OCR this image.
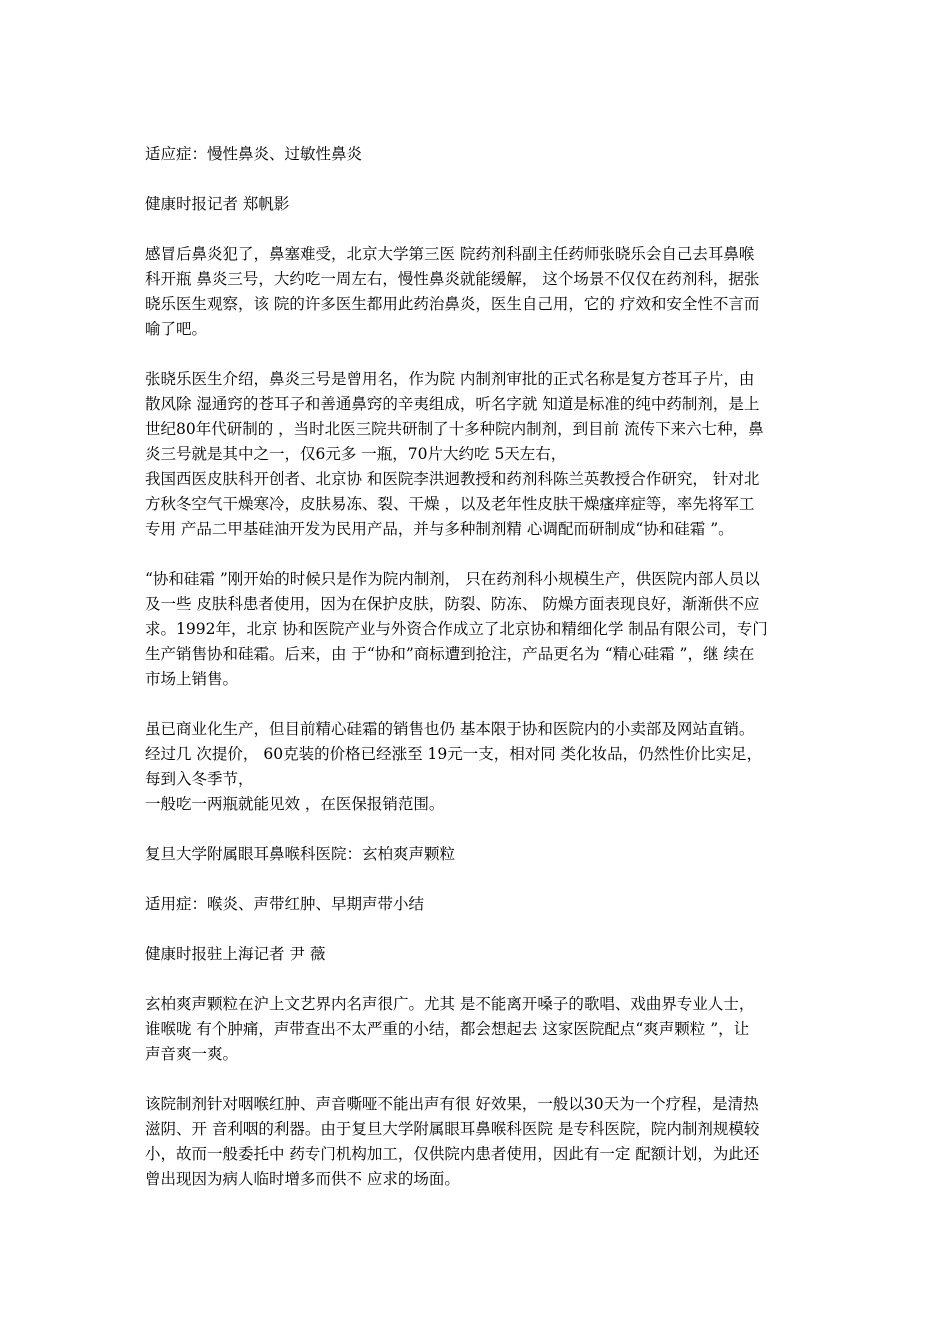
适应症：慢性鼻炎、过敏性鼻炎

健康时报记者 郑帆影

感冒后鼻炎犯了，鼻塞难受，北京大学第三医 院药剂科副主任药师张晓乐会自己去耳鼻喉
科开瓶 鼻炎三号，大约吃一周左右，慢性鼻炎就能缓解， 这个场景不仅仅在药剂科，据张
晓乐医生观察，该 院的许多医生都用此药治鼻炎，医生自己用，它的 疗效和安全性不言而
喻了吧。

张晓乐医生介绍，鼻炎三号是曾用名，作为院 内制剂审批的正式名称是复方苍耳子片，由
散风除 湿通窍的苍耳子和善通鼻窍的辛夷组成，听名字就 知道是标准的纯中药制剂，是上
世纪80年代研制的 ，当时北医三院共研制了十多种院内制剂，到目前 流传下来六七种，鼻
炎三号就是其中之一，仅6元多 一瓶，70片大约吃 5天左右，
我国西医皮肤科开创者、北京协 和医院李洪迥教授和药剂科陈兰英教授合作研究， 针对北
方秋冬空气干燥寒冷，皮肤易冻、裂、干燥 ，以及老年性皮肤干燥瘙痒症等，率先将军工
专用 产品二甲基硅油开发为民用产品，并与多种制剂精 心调配而研制成“协和硅霜 ”。

“协和硅霜 ”刚开始的时候只是作为院内制剂， 只在药剂科小规模生产，供医院内部人员以
及一些 皮肤科患者使用，因为在保护皮肤，防裂、防冻、 防燥方面表现良好，渐渐供不应
求。1992年，北京 协和医院产业与外资合作成立了北京协和精细化学 制品有限公司，专门
生产销售协和硅霜。后来，由 于“协和”商标遭到抢注，产品更名为 “精心硅霜 ”，继 续在
市场上销售。

虽已商业化生产，但目前精心硅霜的销售也仍 基本限于协和医院内的小卖部及网站直销。
经过几 次提价， 60克装的价格已经涨至 19元一支，相对同 类化妆品，仍然性价比实足，
每到入冬季节，
一般吃一两瓶就能见效 ，在医保报销范围。

复旦大学附属眼耳鼻喉科医院：玄柏爽声颗粒

适用症：喉炎、声带红肿、早期声带小结

健康时报驻上海记者 尹 薇

玄柏爽声颗粒在沪上文艺界内名声很广。尤其 是不能离开嗓子的歌唱、戏曲界专业人士，
谁喉咙 有个肿痛，声带查出不太严重的小结，都会想起去 这家医院配点“爽声颗粒 ”，让
声音爽一爽。

该院制剂针对咽喉红肿、声音嘶哑不能出声有很 好效果，一般以30天为一个疗程，是清热
滋阴、开 音利咽的利器。由于复旦大学附属眼耳鼻喉科医院 是专科医院，院内制剂规模较
小，故而一般委托中 药专门机构加工，仅供院内患者使用，因此有一定 配额计划，为此还
曾出现因为病人临时增多而供不 应求的场面。
